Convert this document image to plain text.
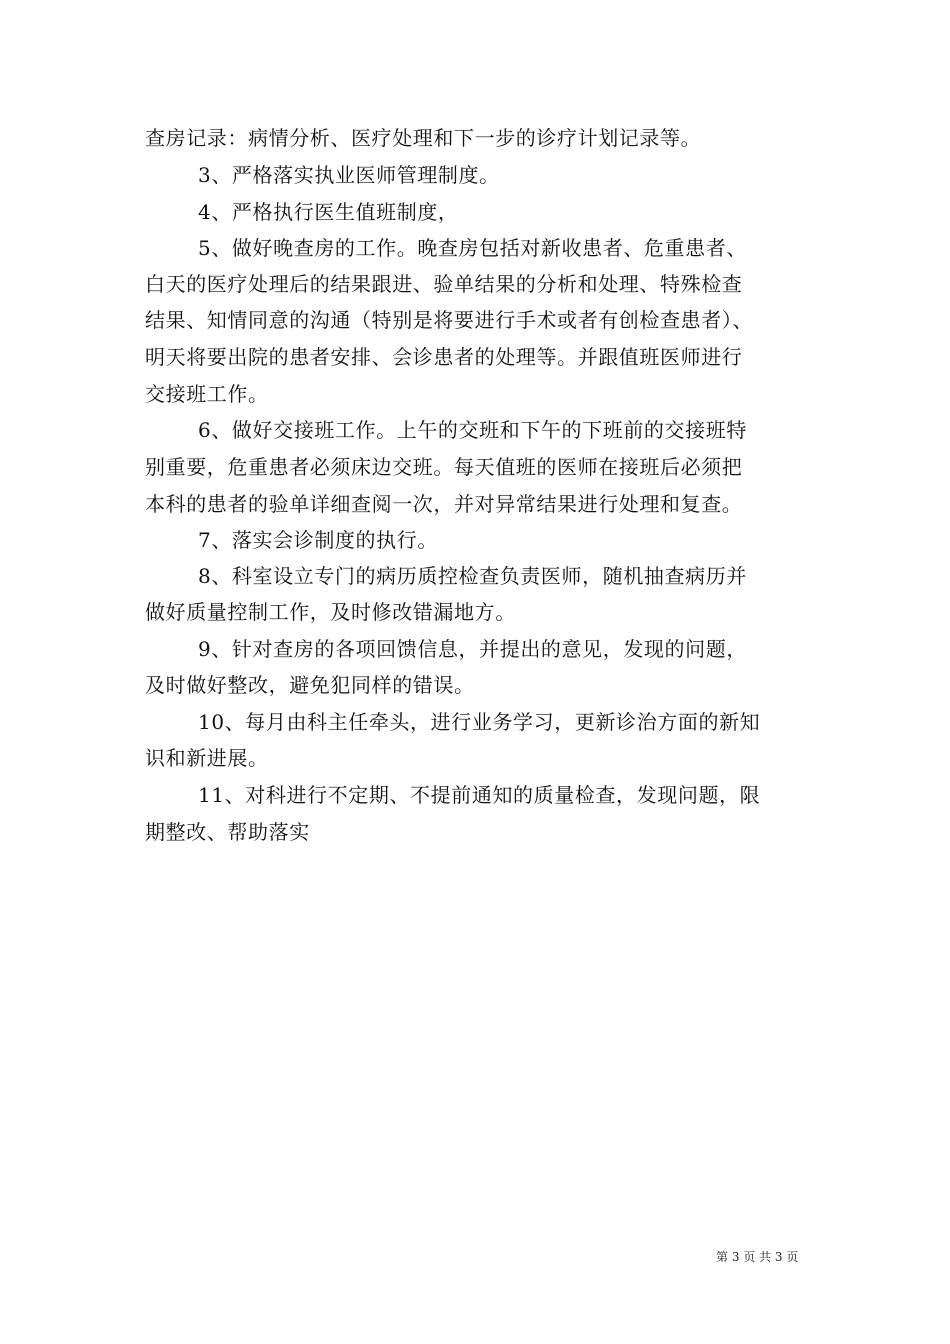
查房记录：病情分析、医疗处理和下一步的诊疗计划记录等。
3、严格落实执业医师管理制度。
4、严格执行医生值班制度，
5、做好晚查房的工作。晚查房包括对新收患者、危重患者、
白天的医疗处理后的结果跟进、验单结果的分析和处理、特殊检查
结果、知情同意的沟通（特别是将要进行手术或者有创检查患者）、
明天将要出院的患者安排、会诊患者的处理等。并跟值班医师进行
交接班工作。
6、做好交接班工作。上午的交班和下午的下班前的交接班特
别重要，危重患者必须床边交班。每天值班的医师在接班后必须把
本科的患者的验单详细查阅一次，并对异常结果进行处理和复查。
7、落实会诊制度的执行。
8、科室设立专门的病历质控检查负责医师，随机抽查病历并
做好质量控制工作，及时修改错漏地方。
9、针对查房的各项回馈信息，并提出的意见，发现的问题，
及时做好整改，避免犯同样的错误。
10、每月由科主任牵头，进行业务学习，更新诊治方面的新知
识和新进展。
11、对科进行不定期、不提前通知的质量检查，发现问题，限
期整改、帮助落实
第 3 页 共 3 页
